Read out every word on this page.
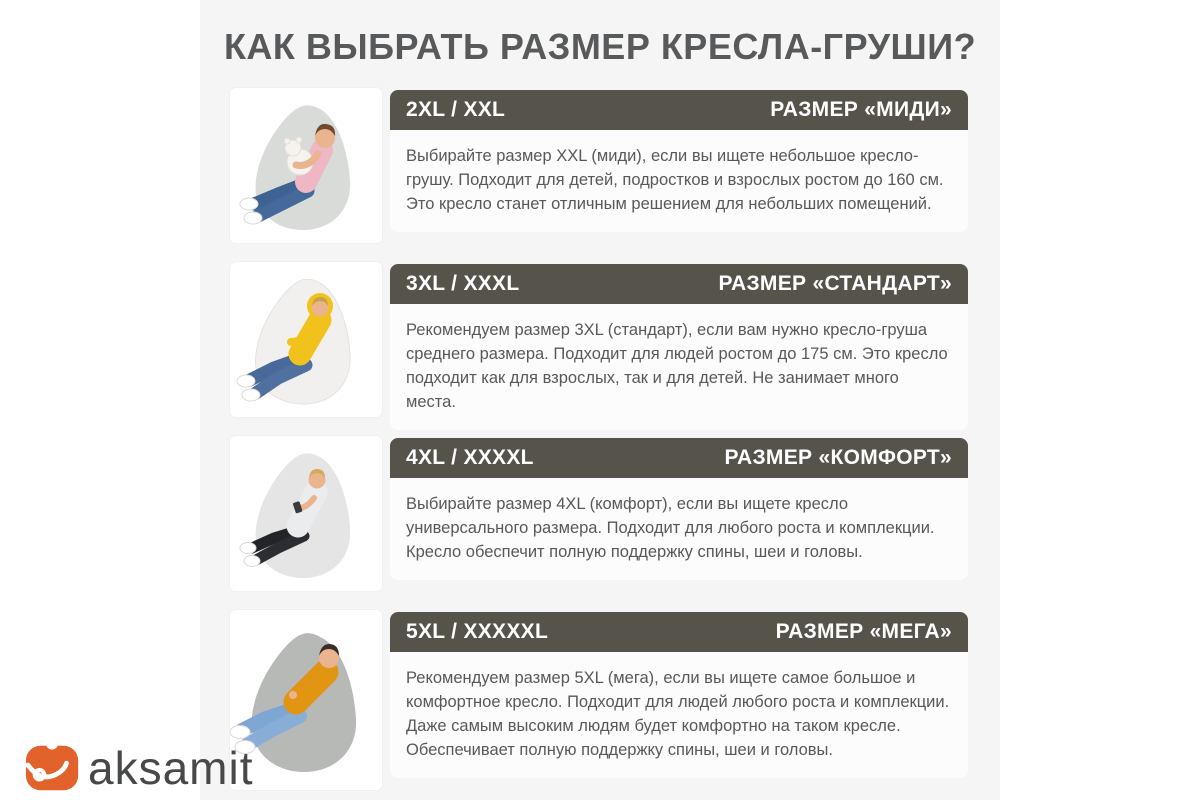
КАК ВЫБРАТЬ РАЗМЕР КРЕСЛА-ГРУШИ?
2XL / XXL	РАЗМЕР «МИДИ»

Выбирайте размер XXL (миди), если вы ищете небольшое кресло-грушу. Подходит для детей, подростков и взрослых ростом до 160 см. Это кресло станет отличным решением для небольших помещений.

3XL / XXXL	РАЗМЕР «СТАНДАРТ»

Рекомендуем размер 3XL (стандарт), если вам нужно кресло-груша среднего размера. Подходит для людей ростом до 175 см. Это кресло подходит как для взрослых, так и для детей. Не занимает много места.

4XL / XXXXL	РАЗМЕР «КОМФОРТ»

Выбирайте размер 4XL (комфорт), если вы ищете кресло универсального размера. Подходит для любого роста и комплекции. Кресло обеспечит полную поддержку спины, шеи и головы.

5XL / XXXXXL	РАЗМЕР «МЕГА»

Рекомендуем размер 5XL (мега), если вы ищете самое большое и комфортное кресло. Подходит для людей любого роста и комплекции. Даже самым высоким людям будет комфортно на таком кресле. Обеспечивает полную поддержку спины, шеи и головы.

aksamit
